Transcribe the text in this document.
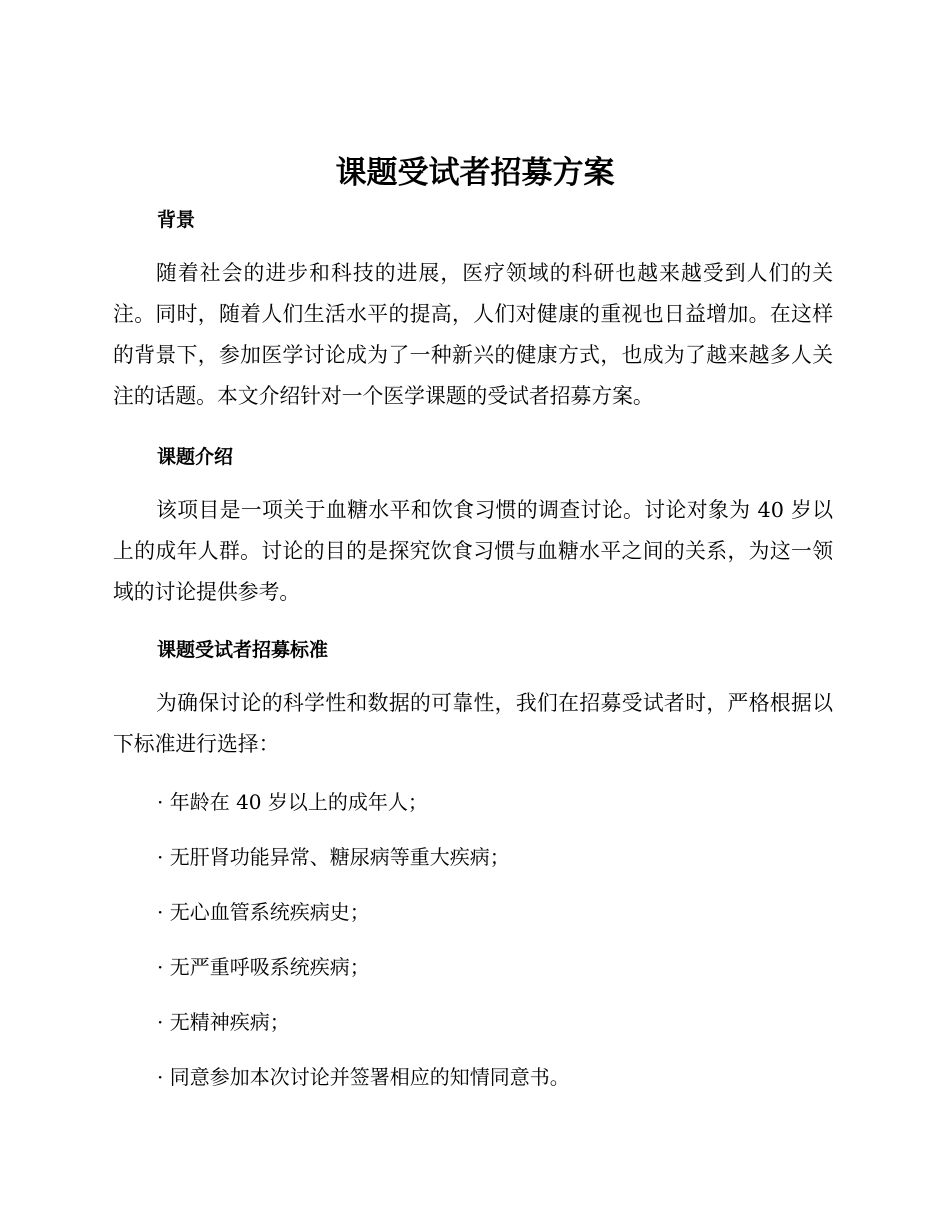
课题受试者招募方案
背景

随着社会的进步和科技的进展，医疗领域的科研也越来越受到人们的关注。同时，随着人们生活水平的提高，人们对健康的重视也日益增加。在这样的背景下，参加医学讨论成为了一种新兴的健康方式，也成为了越来越多人关注的话题。本文介绍针对一个医学课题的受试者招募方案。

课题介绍

该项目是一项关于血糖水平和饮食习惯的调查讨论。讨论对象为 40 岁以上的成年人群。讨论的目的是探究饮食习惯与血糖水平之间的关系，为这一领域的讨论提供参考。

课题受试者招募标准

为确保讨论的科学性和数据的可靠性，我们在招募受试者时，严格根据以下标准进行选择：

· 年龄在 40 岁以上的成年人；
· 无肝肾功能异常、糖尿病等重大疾病；
· 无心血管系统疾病史；
· 无严重呼吸系统疾病；
· 无精神疾病；
· 同意参加本次讨论并签署相应的知情同意书。
